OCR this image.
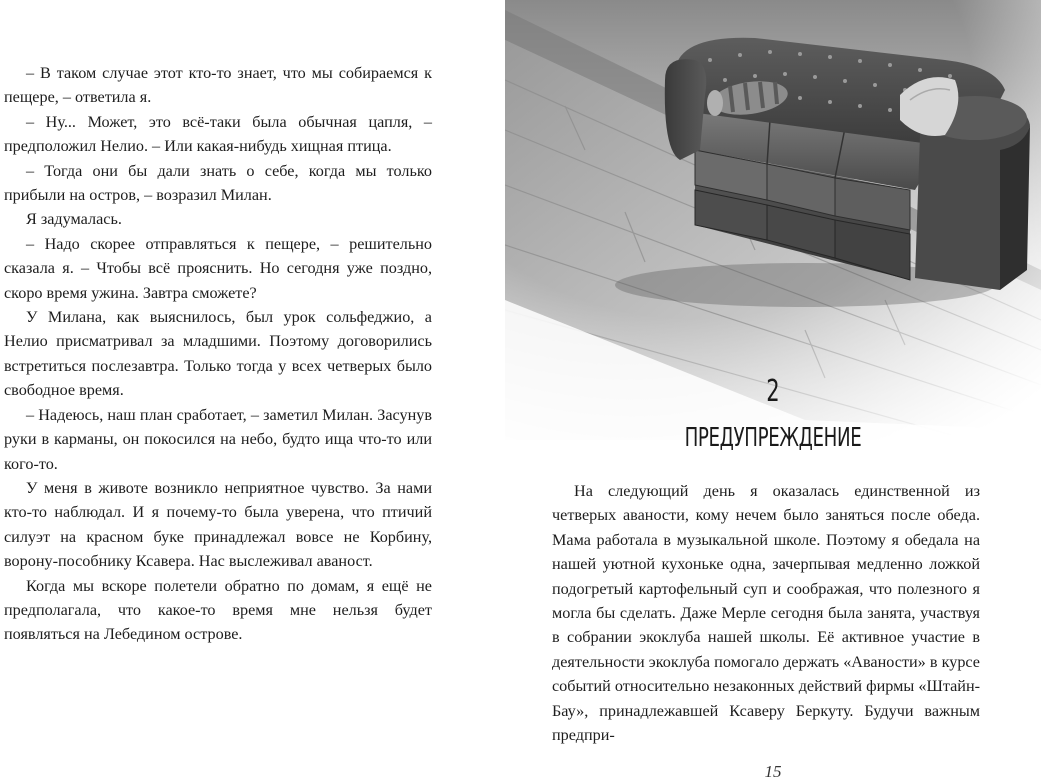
– В таком случае этот кто-то знает, что мы собираемся к пещере, – ответила я.

– Ну... Может, это всё-таки была обычная цапля, – предположил Нелио. – Или какая-нибудь хищная птица.

– Тогда они бы дали знать о себе, когда мы только прибыли на остров, – возразил Милан.

Я задумалась.

– Надо скорее отправляться к пещере, – решительно сказала я. – Чтобы всё прояснить. Но сегодня уже поздно, скоро время ужина. Завтра сможете?

У Милана, как выяснилось, был урок сольфеджио, а Нелио присматривал за младшими. Поэтому договорились встретиться послезавтра. Только тогда у всех четверых было свободное время.

– Надеюсь, наш план сработает, – заметил Милан. Засунув руки в карманы, он покосился на небо, будто ища что-то или кого-то.

У меня в животе возникло неприятное чувство. За нами кто-то наблюдал. И я почему-то была уверена, что птичий силуэт на красном буке принадлежал вовсе не Корбину, ворону-пособнику Ксавера. Нас выслеживал аваност.

Когда мы вскоре полетели обратно по домам, я ещё не предполагала, что какое-то время мне нельзя будет появляться на Лебедином острове.

2
ПРЕДУПРЕЖДЕНИЕ

На следующий день я оказалась единственной из четверых аваности, кому нечем было заняться после обеда. Мама работала в музыкальной школе. Поэтому я обедала на нашей уютной кухоньке одна, зачерпывая медленно ложкой подогретый картофельный суп и соображая, что полезного я могла бы сделать. Даже Мерле сегодня была занята, участвуя в собрании экоклуба нашей школы. Её активное участие в деятельности экоклуба помогало держать «Аваности» в курсе событий относительно незаконных действий фирмы «Штайн-Бау», принадлежавшей Ксаверу Беркуту. Будучи важным предпри-

15
